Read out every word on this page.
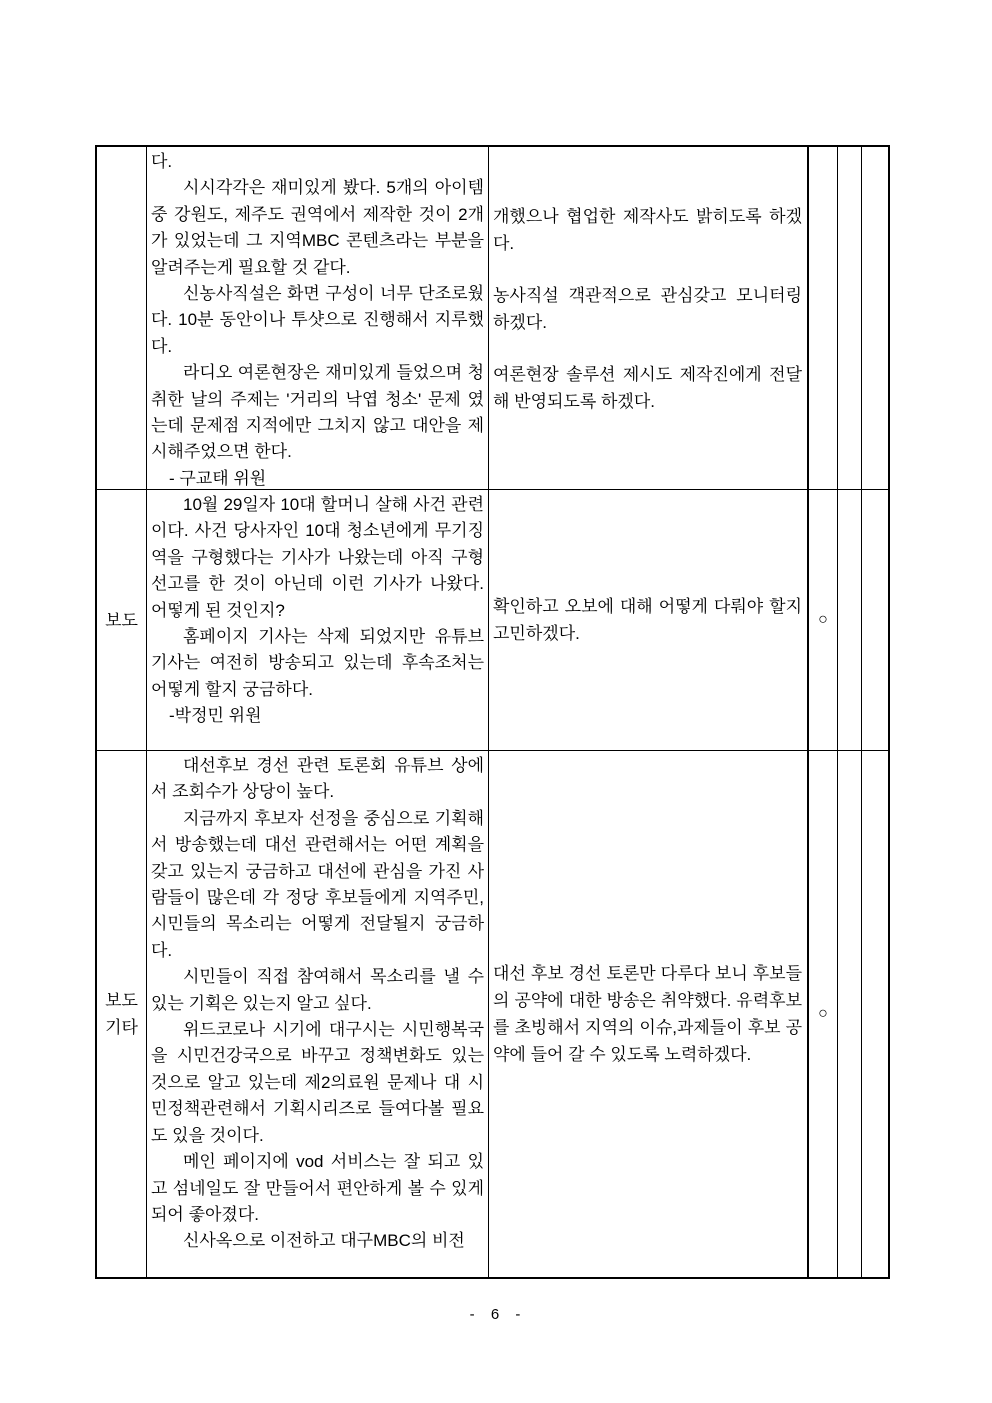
다.

시시각각은 재미있게 봤다. 5개의 아이템 중 강원도, 제주도 권역에서 제작한 것이 2개가 있었는데 그 지역MBC 콘텐츠라는 부분을 알려주는게 필요할 것 같다.

신농사직설은 화면 구성이 너무 단조로웠다. 10분 동안이나 투샷으로 진행해서 지루했다.

라디오 여론현장은 재미있게 들었으며 청취한 날의 주제는 '거리의 낙엽 청소' 문제 였는데 문제점 지적에만 그치지 않고 대안을 제시해주었으면 한다.

- 구교태 위원

개했으나 협업한 제작사도 밝히도록 하겠다.

농사직설 객관적으로 관심갖고 모니터링하겠다.

여론현장 솔루션 제시도 제작진에게 전달해 반영되도록 하겠다.

보도

10월 29일자 10대 할머니 살해 사건 관련이다. 사건 당사자인 10대 청소년에게 무기징역을 구형했다는 기사가 나왔는데 아직 구형선고를 한 것이 아닌데 이런 기사가 나왔다. 어떻게 된 것인지?

홈페이지 기사는 삭제 되었지만 유튜브 기사는 여전히 방송되고 있는데 후속조처는 어떻게 할지 궁금하다.

-박정민 위원

확인하고 오보에 대해 어떻게 다뤄야 할지 고민하겠다.

○
보도
기타

대선후보 경선 관련 토론회 유튜브 상에서 조회수가 상당이 높다.

지금까지 후보자 선정을 중심으로 기획해서 방송했는데 대선 관련해서는 어떤 계획을 갖고 있는지 궁금하고 대선에 관심을 가진 사람들이 많은데 각 정당 후보들에게 지역주민, 시민들의 목소리는 어떻게 전달될지 궁금하다.

시민들이 직접 참여해서 목소리를 낼 수 있는 기획은 있는지 알고 싶다.

위드코로나 시기에 대구시는 시민행복국을 시민건강국으로 바꾸고 정책변화도 있는 것으로 알고 있는데 제2의료원 문제나 대 시민정책관련해서 기획시리즈로 들여다볼 필요도 있을 것이다.

메인 페이지에 vod 서비스는 잘 되고 있고 섬네일도 잘 만들어서 편안하게 볼 수 있게 되어 좋아졌다.

신사옥으로 이전하고 대구MBC의 비전

대선 후보 경선 토론만 다루다 보니 후보들의 공약에 대한 방송은 취약했다. 유력후보를 초빙해서 지역의 이슈,과제들이 후보 공약에 들어 갈 수 있도록 노력하겠다.

○
- 6 -
